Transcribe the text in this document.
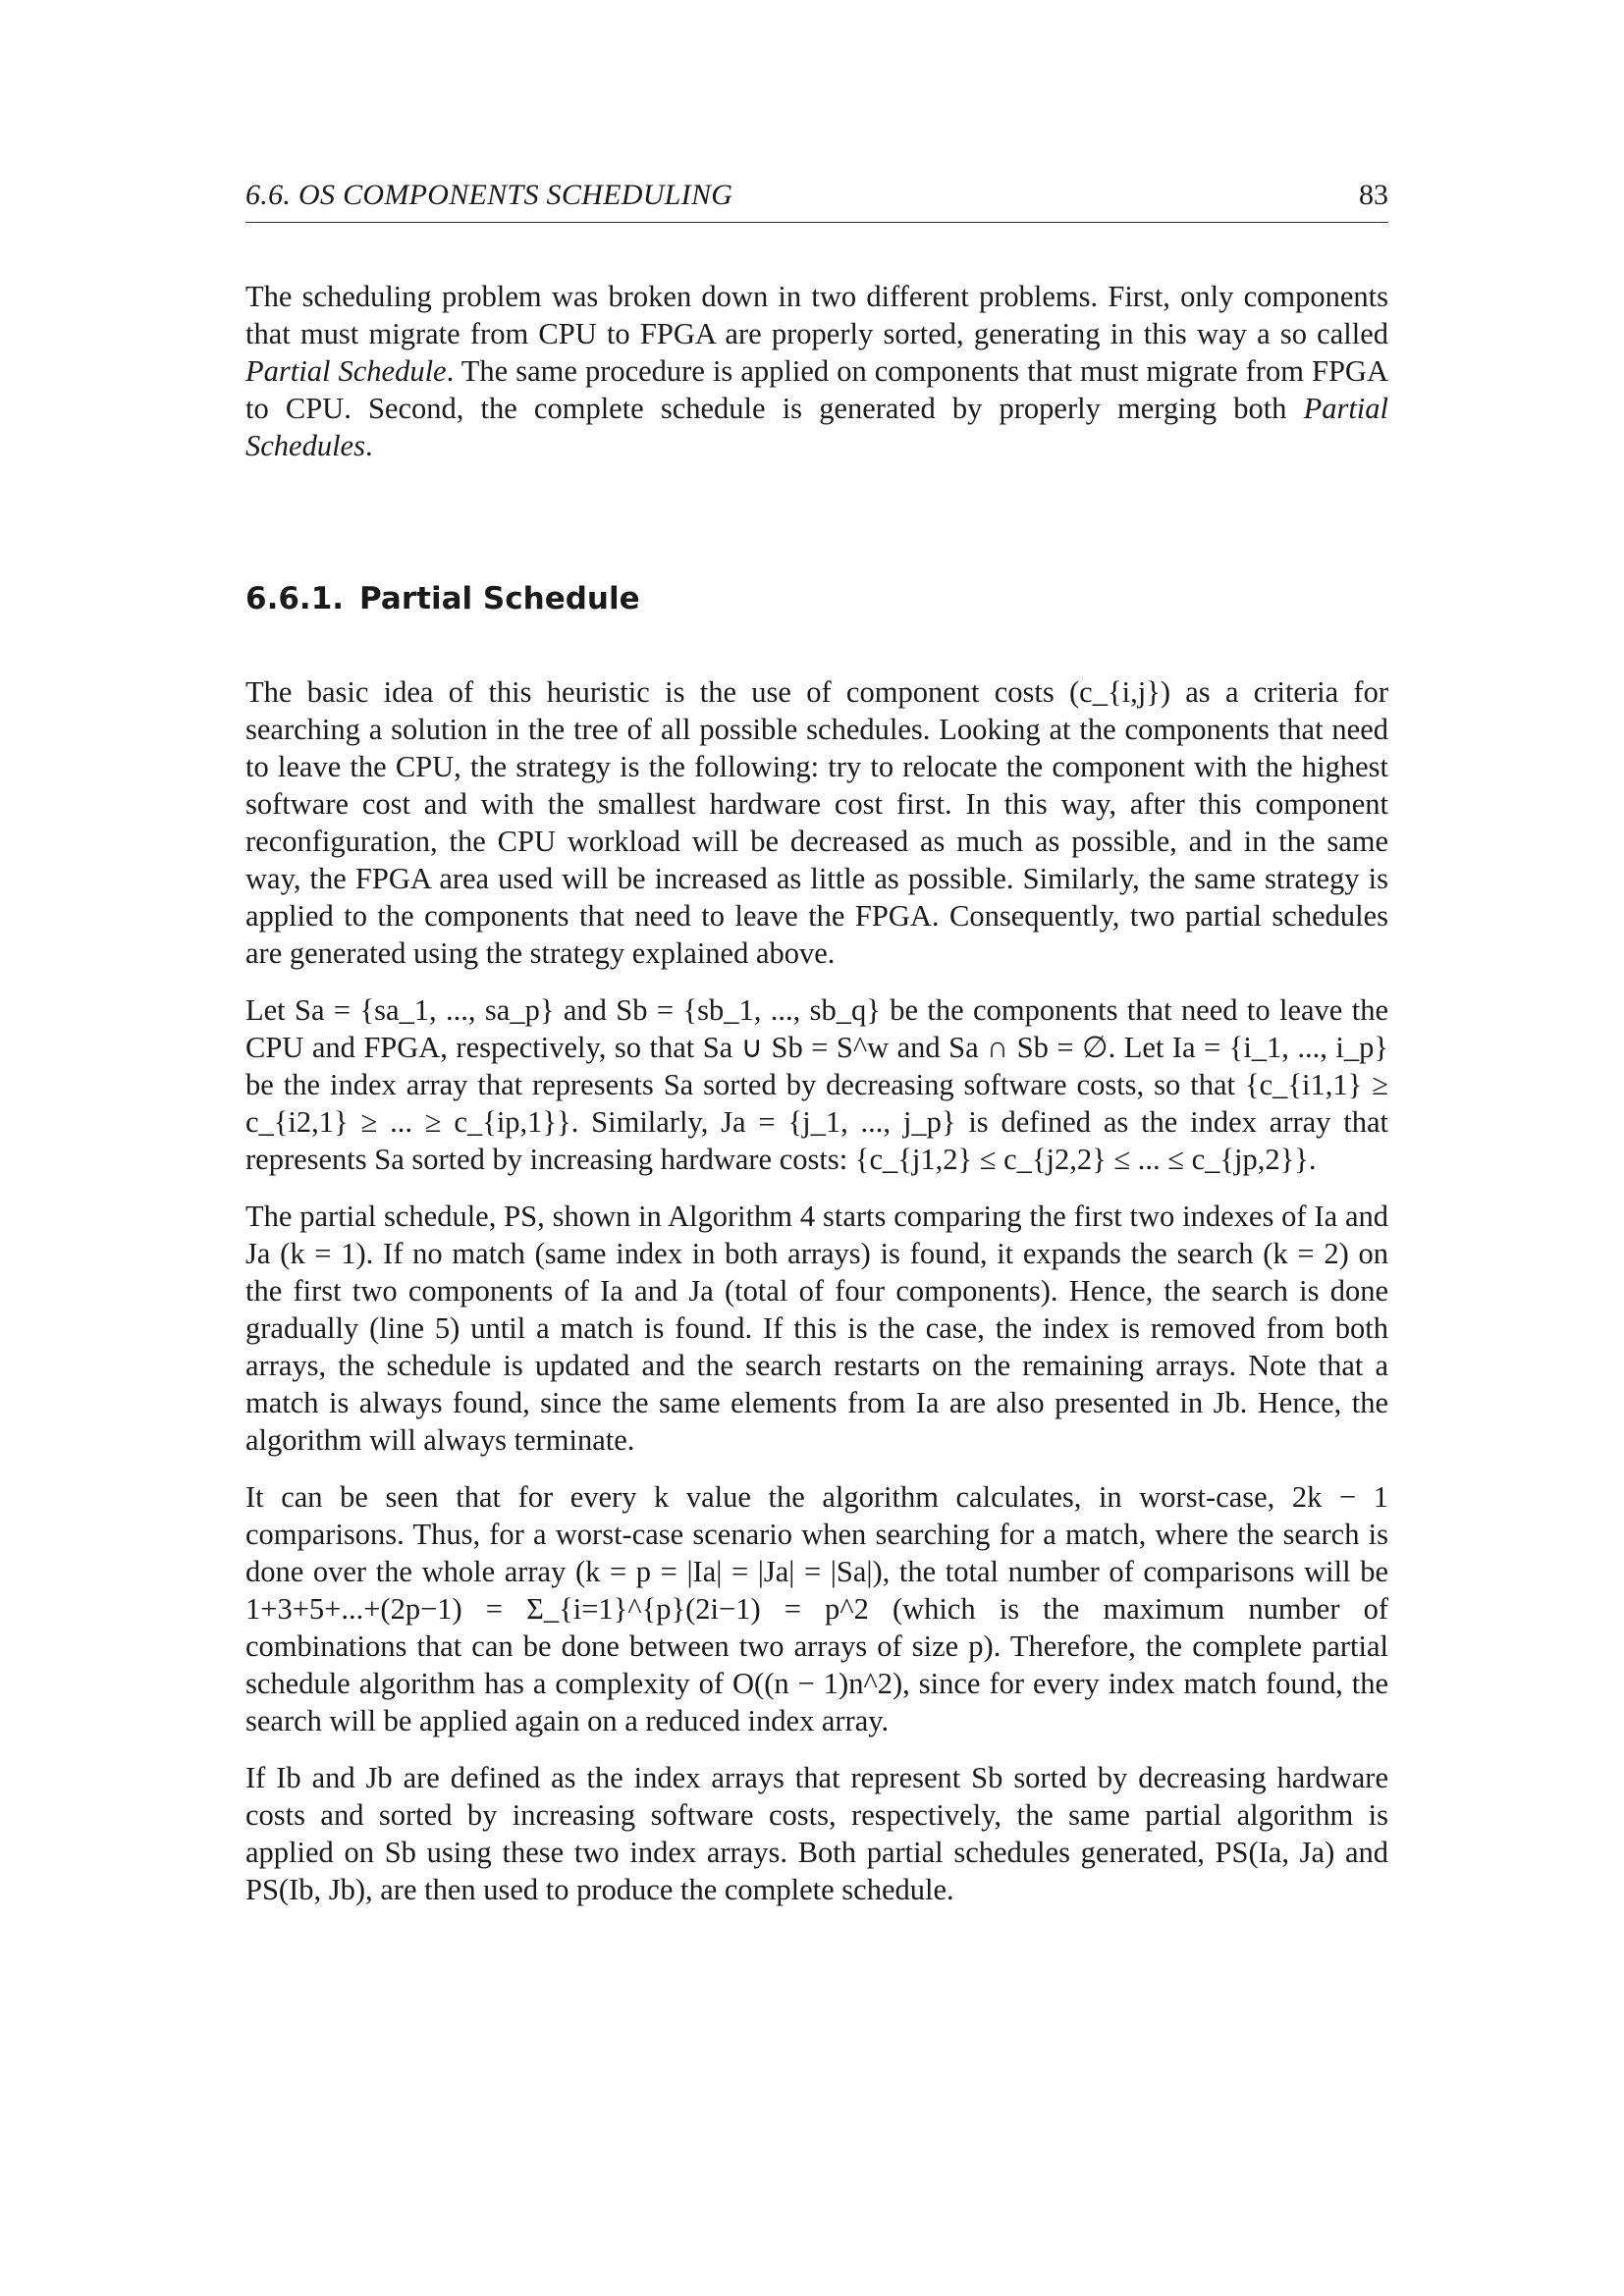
6.6. OS COMPONENTS SCHEDULING	83

The scheduling problem was broken down in two different problems. First, only components that must migrate from CPU to FPGA are properly sorted, generating in this way a so called Partial Schedule. The same procedure is applied on components that must migrate from FPGA to CPU. Second, the complete schedule is generated by properly merging both Partial Schedules.

6.6.1. Partial Schedule

The basic idea of this heuristic is the use of component costs (c_{i,j}) as a criteria for searching a solution in the tree of all possible schedules. Looking at the components that need to leave the CPU, the strategy is the following: try to relocate the component with the highest software cost and with the smallest hardware cost first. In this way, after this component reconfiguration, the CPU workload will be decreased as much as possible, and in the same way, the FPGA area used will be increased as little as possible. Similarly, the same strategy is applied to the components that need to leave the FPGA. Consequently, two partial schedules are generated using the strategy explained above.

Let Sa = {sa_1, ..., sa_p} and Sb = {sb_1, ..., sb_q} be the components that need to leave the CPU and FPGA, respectively, so that Sa ∪ Sb = S^w and Sa ∩ Sb = ∅. Let Ia = {i_1, ..., i_p} be the index array that represents Sa sorted by decreasing software costs, so that {c_{i1,1} ≥ c_{i2,1} ≥ ... ≥ c_{ip,1}}. Similarly, Ja = {j_1, ..., j_p} is defined as the index array that represents Sa sorted by increasing hardware costs: {c_{j1,2} ≤ c_{j2,2} ≤ ... ≤ c_{jp,2}}.

The partial schedule, PS, shown in Algorithm 4 starts comparing the first two indexes of Ia and Ja (k = 1). If no match (same index in both arrays) is found, it expands the search (k = 2) on the first two components of Ia and Ja (total of four components). Hence, the search is done gradually (line 5) until a match is found. If this is the case, the index is removed from both arrays, the schedule is updated and the search restarts on the remaining arrays. Note that a match is always found, since the same elements from Ia are also presented in Jb. Hence, the algorithm will always terminate.

It can be seen that for every k value the algorithm calculates, in worst-case, 2k − 1 comparisons. Thus, for a worst-case scenario when searching for a match, where the search is done over the whole array (k = p = |Ia| = |Ja| = |Sa|), the total number of comparisons will be 1+3+5+...+(2p−1) = Σ_{i=1}^{p}(2i−1) = p^2 (which is the maximum number of combinations that can be done between two arrays of size p). Therefore, the complete partial schedule algorithm has a complexity of O((n − 1)n^2), since for every index match found, the search will be applied again on a reduced index array.

If Ib and Jb are defined as the index arrays that represent Sb sorted by decreasing hardware costs and sorted by increasing software costs, respectively, the same partial algorithm is applied on Sb using these two index arrays. Both partial schedules generated, PS(Ia, Ja) and PS(Ib, Jb), are then used to produce the complete schedule.
